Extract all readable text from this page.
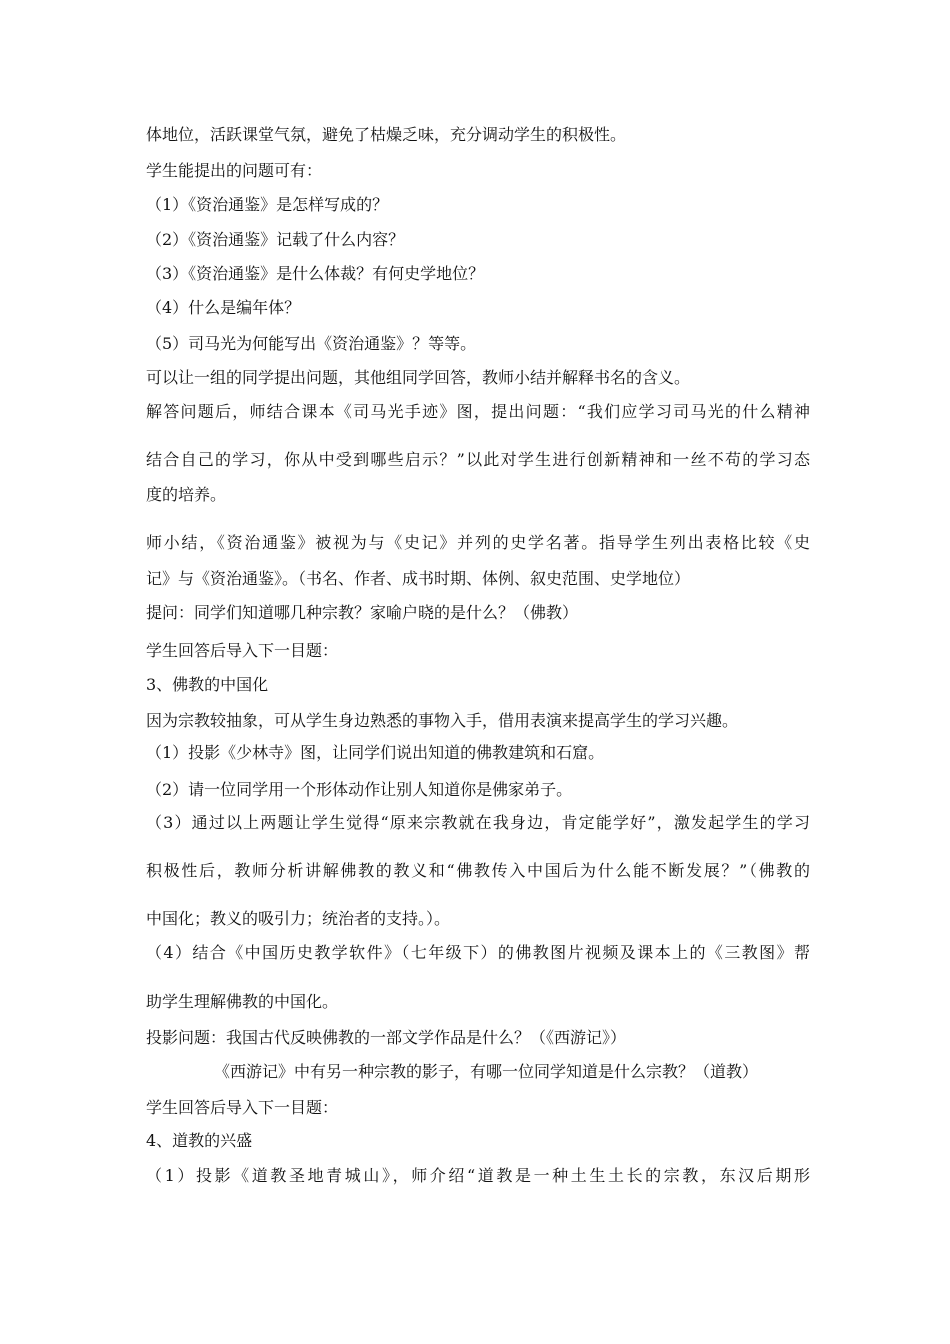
体地位，活跃课堂气氛，避免了枯燥乏味，充分调动学生的积极性。
学生能提出的问题可有：
（1）《资治通鉴》是怎样写成的？
（2）《资治通鉴》记载了什么内容？
（3）《资治通鉴》是什么体裁？有何史学地位？
（4）什么是编年体？
（5）司马光为何能写出《资治通鉴》？等等。
可以让一组的同学提出问题，其他组同学回答，教师小结并解释书名的含义。
解答问题后，师结合课本《司马光手迹》图，提出问题：“我们应学习司马光的什么精神
结合自己的学习，你从中受到哪些启示？”以此对学生进行创新精神和一丝不苟的学习态
度的培养。
师小结，《资治通鉴》被视为与《史记》并列的史学名著。指导学生列出表格比较《史
记》与《资治通鉴》。（书名、作者、成书时期、体例、叙史范围、史学地位）
提问：同学们知道哪几种宗教？家喻户晓的是什么？（佛教）
学生回答后导入下一目题：
3、佛教的中国化
因为宗教较抽象，可从学生身边熟悉的事物入手，借用表演来提高学生的学习兴趣。
（1）投影《少林寺》图，让同学们说出知道的佛教建筑和石窟。
（2）请一位同学用一个形体动作让别人知道你是佛家弟子。
（3）通过以上两题让学生觉得“原来宗教就在我身边，肯定能学好”，激发起学生的学习
积极性后，教师分析讲解佛教的教义和“佛教传入中国后为什么能不断发展？”（佛教的
中国化；教义的吸引力；统治者的支持。）。
（4）结合《中国历史教学软件》（七年级下）的佛教图片视频及课本上的《三教图》帮
助学生理解佛教的中国化。
投影问题：我国古代反映佛教的一部文学作品是什么？（《西游记》）
《西游记》中有另一种宗教的影子，有哪一位同学知道是什么宗教？（道教）
学生回答后导入下一目题：
4、道教的兴盛
（1）投影《道教圣地青城山》，师介绍“道教是一种土生土长的宗教，东汉后期形
